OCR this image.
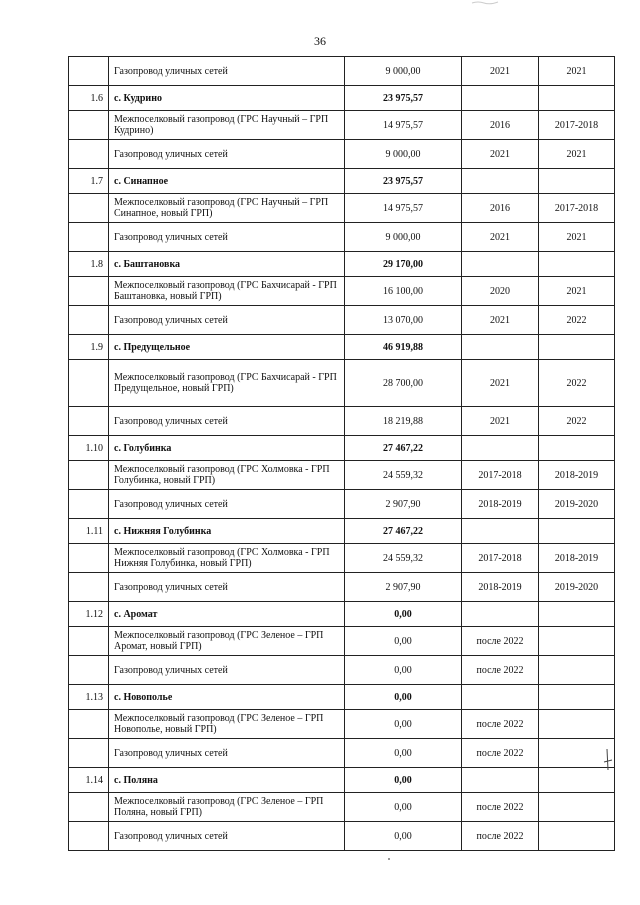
36
	Газопровод уличных сетей	9 000,00	2021	2021
1.6	с. Кудрино	23 975,57		
	Межпоселковый газопровод (ГРС Научный – ГРП Кудрино)	14 975,57	2016	2017-2018
	Газопровод уличных сетей	9 000,00	2021	2021
1.7	с. Синапное	23 975,57		
	Межпоселковый газопровод (ГРС Научный – ГРП Синапное, новый ГРП)	14 975,57	2016	2017-2018
	Газопровод уличных сетей	9 000,00	2021	2021
1.8	с. Баштановка	29 170,00		
	Межпоселковый газопровод (ГРС Бахчисарай - ГРП Баштановка, новый ГРП)	16 100,00	2020	2021
	Газопровод уличных сетей	13 070,00	2021	2022
1.9	с. Предущельное	46 919,88		
	Межпоселковый газопровод (ГРС Бахчисарай - ГРП Предущельное, новый ГРП)	28 700,00	2021	2022
	Газопровод уличных сетей	18 219,88	2021	2022
1.10	с. Голубинка	27 467,22		
	Межпоселковый газопровод (ГРС Холмовка - ГРП Голубинка, новый ГРП)	24 559,32	2017-2018	2018-2019
	Газопровод уличных сетей	2 907,90	2018-2019	2019-2020
1.11	с. Нижняя Голубинка	27 467,22		
	Межпоселковый газопровод (ГРС Холмовка - ГРП Нижняя Голубинка, новый ГРП)	24 559,32	2017-2018	2018-2019
	Газопровод уличных сетей	2 907,90	2018-2019	2019-2020
1.12	с. Аромат	0,00		
	Межпоселковый газопровод (ГРС Зеленое – ГРП Аромат, новый ГРП)	0,00	после 2022	
	Газопровод уличных сетей	0,00	после 2022	
1.13	с. Новополье	0,00		
	Межпоселковый газопровод (ГРС Зеленое – ГРП Новополье, новый ГРП)	0,00	после 2022	
	Газопровод уличных сетей	0,00	после 2022	
1.14	с. Поляна	0,00		
	Межпоселковый газопровод (ГРС Зеленое – ГРП Поляна, новый ГРП)	0,00	после 2022	
	Газопровод уличных сетей	0,00	после 2022	
